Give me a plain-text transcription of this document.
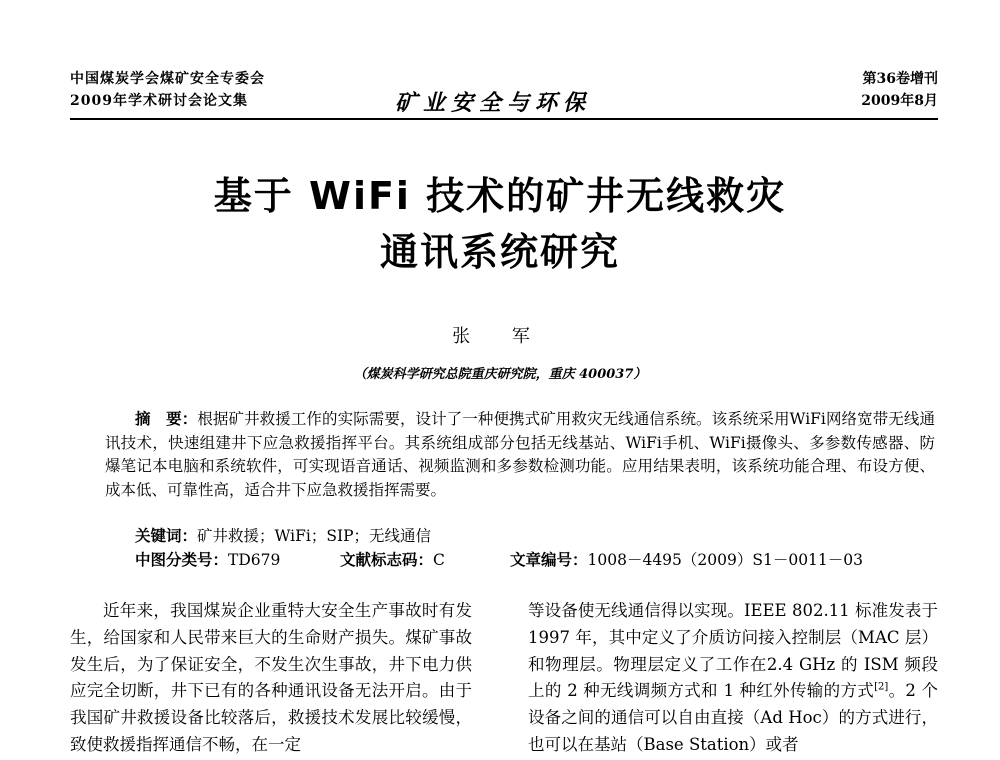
中国煤炭学会煤矿安全专委会
2009年学术研讨会论文集	矿业安全与环保
第36卷增刊
2009年8月
基于 WiFi 技术的矿井无线救灾
通讯系统研究
张 军
（煤炭科学研究总院重庆研究院，重庆 400037）
摘　要：根据矿井救援工作的实际需要，设计了一种便携式矿用救灾无线通信系统。该系统采用WiFi网络宽带无线通讯技术，快速组建井下应急救援指挥平台。其系统组成部分包括无线基站、WiFi手机、WiFi摄像头、多参数传感器、防爆笔记本电脑和系统软件，可实现语音通话、视频监测和多参数检测功能。应用结果表明，该系统功能合理、布设方便、成本低、可靠性高，适合井下应急救援指挥需要。
关键词：矿井救援；WiFi；SIP；无线通信
中图分类号：TD679	文献标志码：C	文章编号：1008－4495（2009）S1－0011－03

近年来，我国煤炭企业重特大安全生产事故时有发生，给国家和人民带来巨大的生命财产损失。煤矿事故发生后，为了保证安全，不发生次生事故，井下电力供应完全切断，井下已有的各种通讯设备无法开启。由于我国矿井救援设备比较落后，救援技术发展比较缓慢，致使救援指挥通信不畅，在一定

等设备使无线通信得以实现。IEEE 802.11 标准发表于 1997 年，其中定义了介质访问接入控制层（MAC 层）和物理层。物理层定义了工作在2.4 GHz 的 ISM 频段上的 2 种无线调频方式和 1 种红外传输的方式[2]。2 个设备之间的通信可以自由直接（Ad Hoc）的方式进行，也可以在基站（Base Station）或者
